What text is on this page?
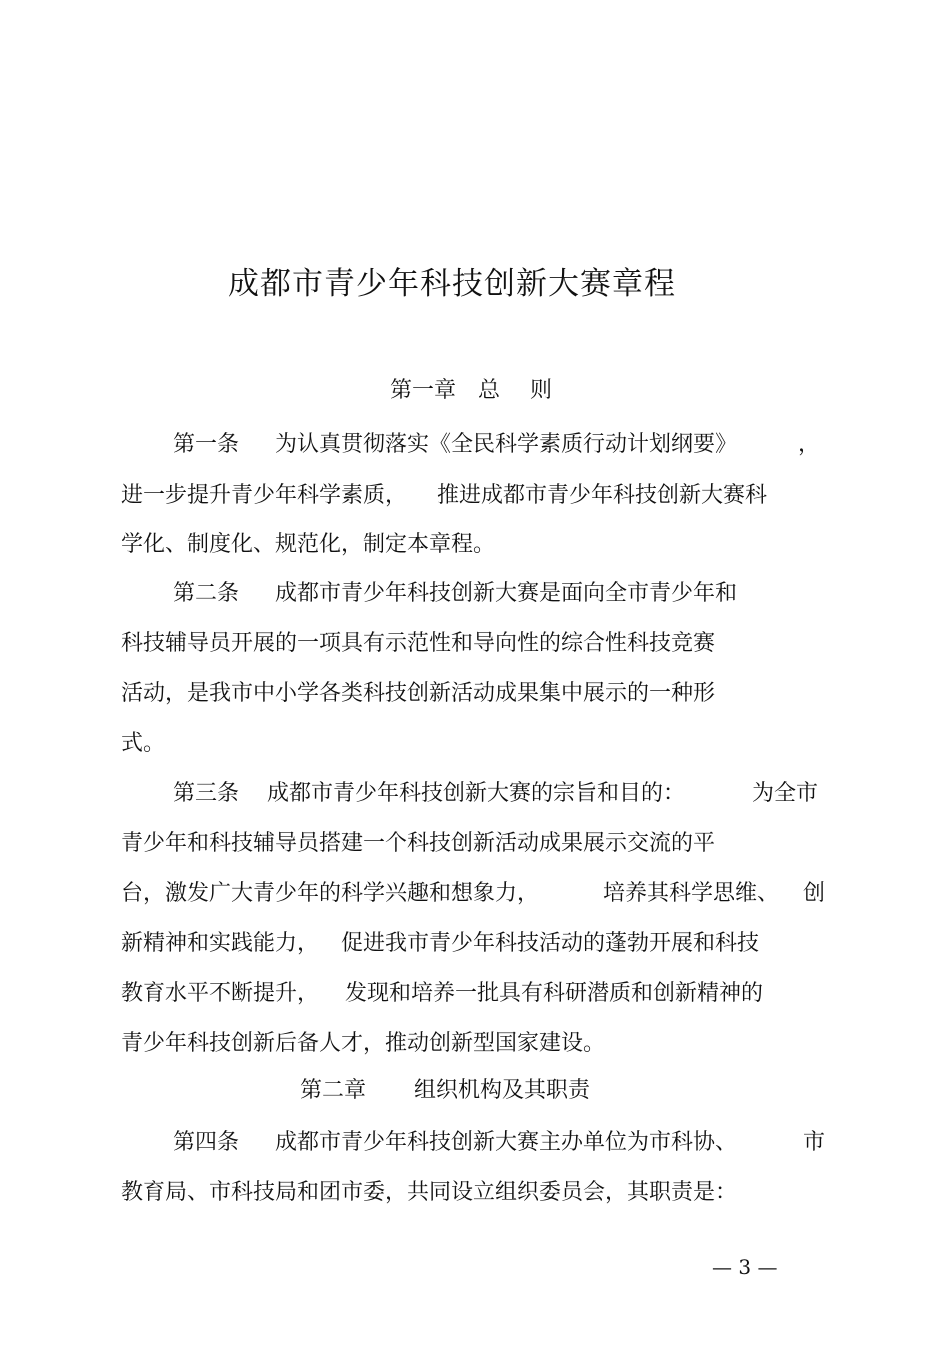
成都市青少年科技创新大赛章程
第一章 总 则
第一条 为认真贯彻落实《全民科学素质行动计划纲要》	，
进一步提升青少年科学素质， 推进成都市青少年科技创新大赛科
学化、制度化、规范化，制定本章程。
第二条 成都市青少年科技创新大赛是面向全市青少年和
科技辅导员开展的一项具有示范性和导向性的综合性科技竞赛
活动，是我市中小学各类科技创新活动成果集中展示的一种形
式。
第三条 成都市青少年科技创新大赛的宗旨和目的：	为全市
青少年和科技辅导员搭建一个科技创新活动成果展示交流的平
台，激发广大青少年的科学兴趣和想象力，	培养其科学思维、 创
新精神和实践能力， 促进我市青少年科技活动的蓬勃开展和科技
教育水平不断提升， 发现和培养一批具有科研潜质和创新精神的
青少年科技创新后备人才，推动创新型国家建设。
第二章 组织机构及其职责
第四条 成都市青少年科技创新大赛主办单位为市科协、	市
教育局、市科技局和团市委，共同设立组织委员会，其职责是：
— 3 —
